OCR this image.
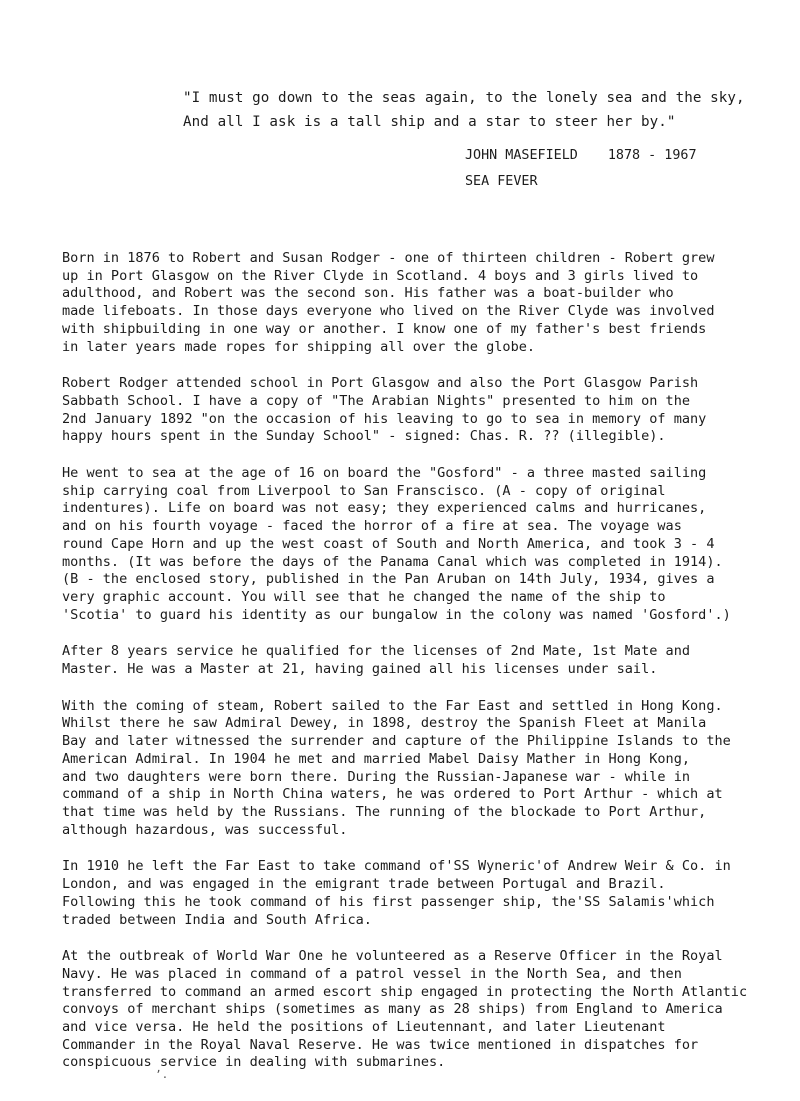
"I must go down to the seas again, to the lonely sea and the sky,
And all I ask is a tall ship and a star to steer her by."
JOHN MASEFIELD 1878 - 1967
SEA FEVER
Born in 1876 to Robert and Susan Rodger - one of thirteen children - Robert grew
up in Port Glasgow on the River Clyde in Scotland. 4 boys and 3 girls lived to
adulthood, and Robert was the second son. His father was a boat-builder who
made lifeboats. In those days everyone who lived on the River Clyde was involved
with shipbuilding in one way or another. I know one of my father's best friends
in later years made ropes for shipping all over the globe.
Robert Rodger attended school in Port Glasgow and also the Port Glasgow Parish
Sabbath School. I have a copy of "The Arabian Nights" presented to him on the
2nd January 1892 "on the occasion of his leaving to go to sea in memory of many
happy hours spent in the Sunday School" - signed: Chas. R. ?? (illegible).
He went to sea at the age of 16 on board the "Gosford" - a three masted sailing
ship carrying coal from Liverpool to San Franscisco. (A - copy of original
indentures). Life on board was not easy; they experienced calms and hurricanes,
and on his fourth voyage - faced the horror of a fire at sea. The voyage was
round Cape Horn and up the west coast of South and North America, and took 3 - 4
months. (It was before the days of the Panama Canal which was completed in 1914).
(B - the enclosed story, published in the Pan Aruban on 14th July, 1934, gives a
very graphic account. You will see that he changed the name of the ship to
'Scotia' to guard his identity as our bungalow in the colony was named 'Gosford'.)
After 8 years service he qualified for the licenses of 2nd Mate, 1st Mate and
Master. He was a Master at 21, having gained all his licenses under sail.
With the coming of steam, Robert sailed to the Far East and settled in Hong Kong.
Whilst there he saw Admiral Dewey, in 1898, destroy the Spanish Fleet at Manila
Bay and later witnessed the surrender and capture of the Philippine Islands to the
American Admiral. In 1904 he met and married Mabel Daisy Mather in Hong Kong,
and two daughters were born there. During the Russian-Japanese war - while in
command of a ship in North China waters, he was ordered to Port Arthur - which at
that time was held by the Russians. The running of the blockade to Port Arthur,
although hazardous, was successful.
In 1910 he left the Far East to take command of'SS Wyneric'of Andrew Weir & Co. in
London, and was engaged in the emigrant trade between Portugal and Brazil.
Following this he took command of his first passenger ship, the'SS Salamis'which
traded between India and South Africa.
At the outbreak of World War One he volunteered as a Reserve Officer in the Royal
Navy. He was placed in command of a patrol vessel in the North Sea, and then
transferred to command an armed escort ship engaged in protecting the North Atlantic
convoys of merchant ships (sometimes as many as 28 ships) from England to America
and vice versa. He held the positions of Lieutennant, and later Lieutenant
Commander in the Royal Naval Reserve. He was twice mentioned in dispatches for
conspicuous service in dealing with submarines.
ʼ.
